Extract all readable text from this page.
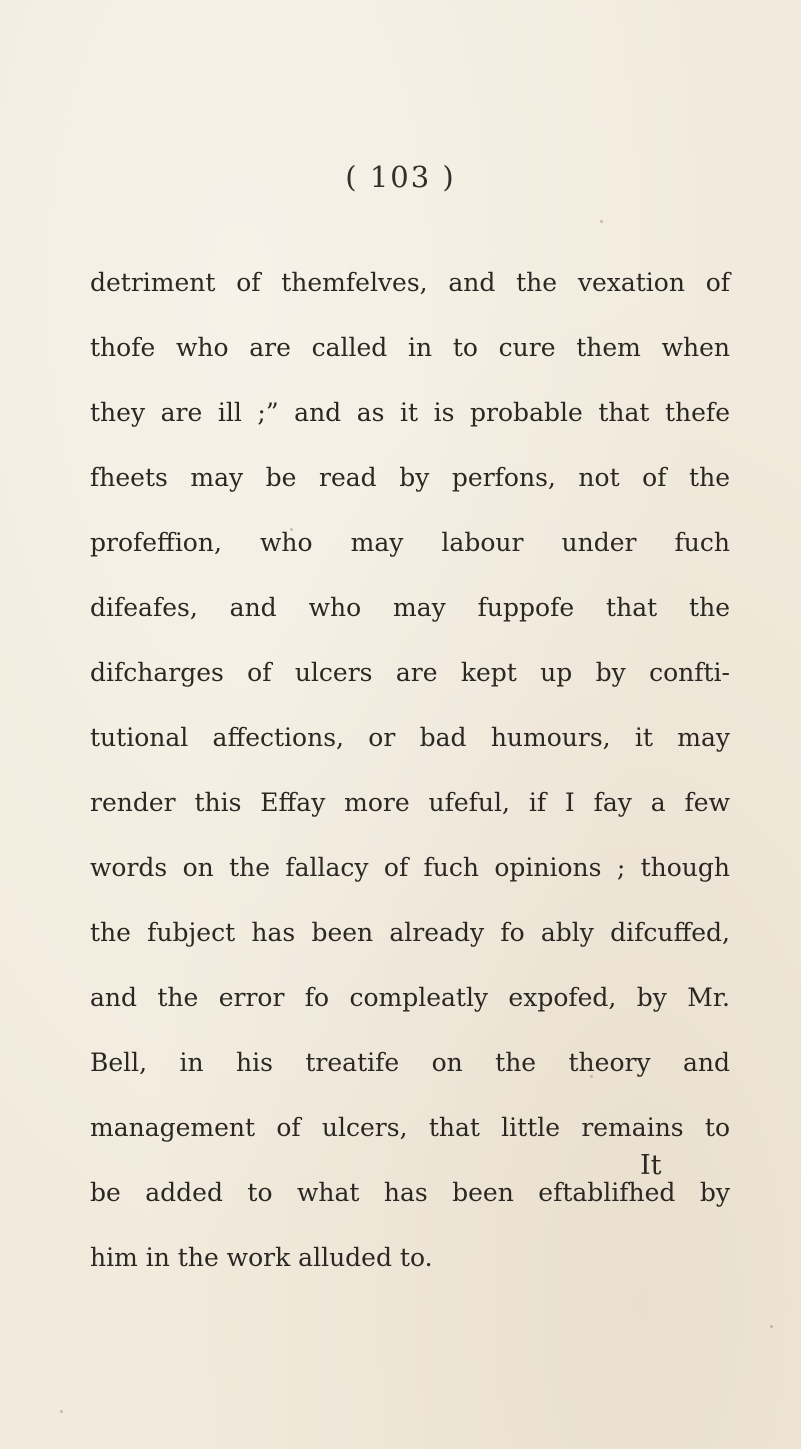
( 103 )
detriment of themfelves, and the vexation of
thofe who are called in to cure them when
they are ill ;” and as it is probable that thefe
fheets may be read by perfons, not of the
profeffion, who may labour under fuch
difeafes, and who may fuppofe that the
difcharges of ulcers are kept up by confti-
tutional affections, or bad humours, it may
render this Effay more ufeful, if I fay a few
words on the fallacy of fuch opinions ; though
the fubject has been already fo ably difcuffed,
and the error fo compleatly expofed, by Mr.
Bell, in his treatife on the theory and
management of ulcers, that little remains to
be added to what has been eftablifhed by
him in the work alluded to.
It
